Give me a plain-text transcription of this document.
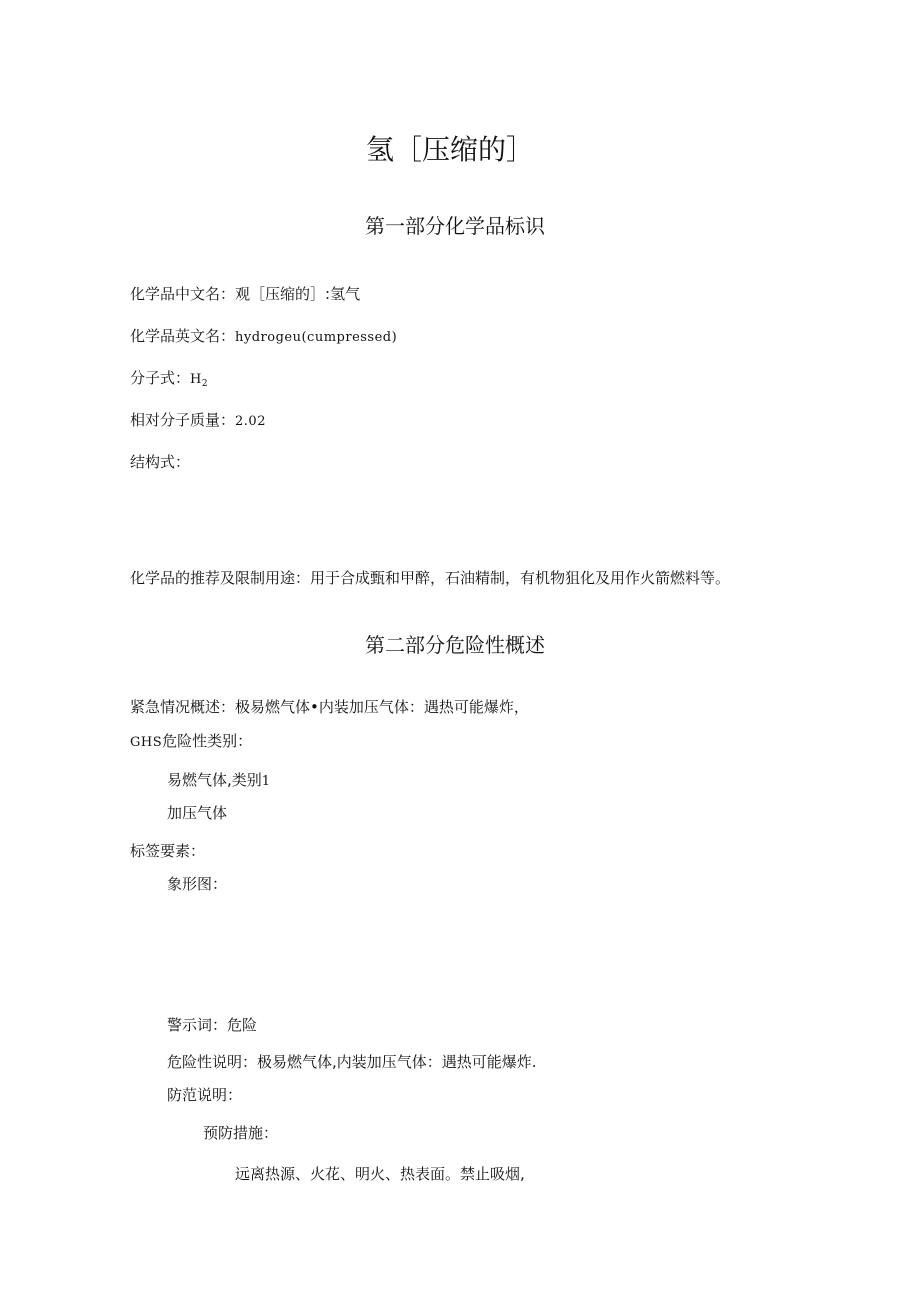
氢［压缩的］
第一部分化学品标识
化学品中文名：观［压缩的］:氢气
化学品英文名：hydrogeu(cumpressed)
分子式：$H_2$
相对分子质量：2.02
结构式：
化学品的推荐及限制用途：用于合成甄和甲醉，石油精制，有机物狙化及用作火箭燃料等。
第二部分危险性概述
紧急情况概述：极易燃气体•内装加压气体：遇热可能爆炸，
GHS危险性类别：
易燃气体,类别1
加压气体
标签要素：
象形图：
警示词：危险
危险性说明：极易燃气体,内装加压气体：遇热可能爆炸.
防范说明：
预防措施：
远离热源、火花、明火、热表面。禁止吸烟,
